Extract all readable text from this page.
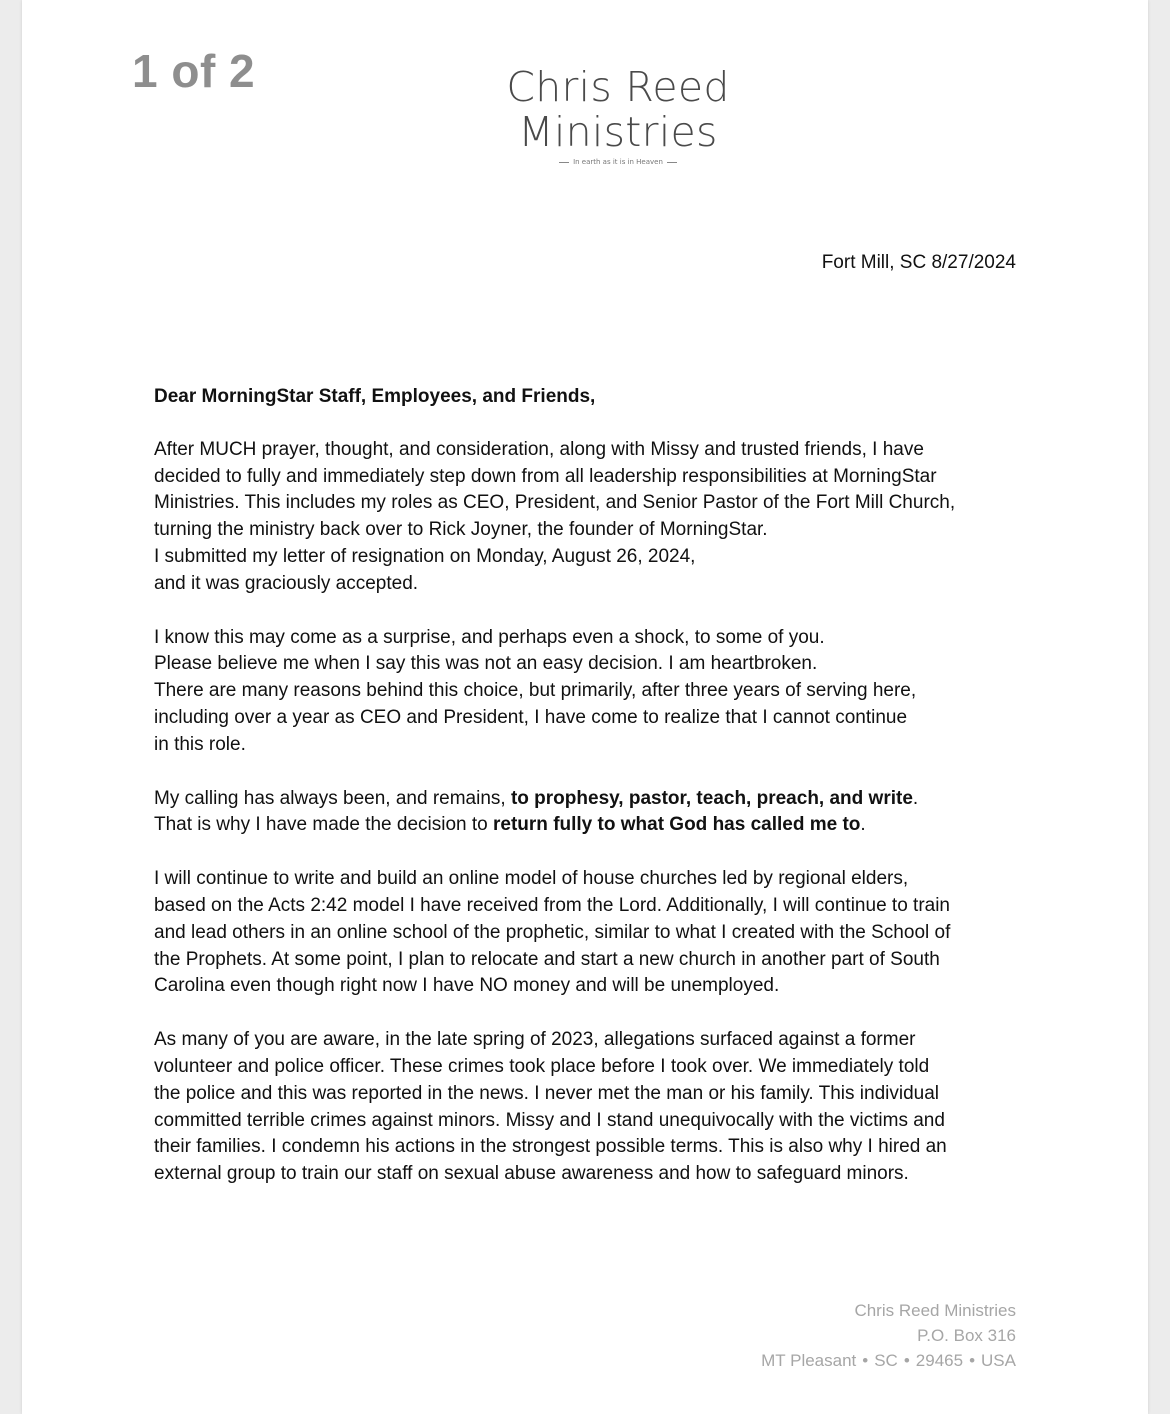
1 of 2	Chris Reed
Ministries
In earth as it is in Heaven
Fort Mill, SC 8/27/2024
Dear MorningStar Staff, Employees, and Friends,
After MUCH prayer, thought, and consideration, along with Missy and trusted friends, I have
decided to fully and immediately step down from all leadership responsibilities at MorningStar
Ministries. This includes my roles as CEO, President, and Senior Pastor of the Fort Mill Church,
turning the ministry back over to Rick Joyner, the founder of MorningStar.
I submitted my letter of resignation on Monday, August 26, 2024,
and it was graciously accepted.
I know this may come as a surprise, and perhaps even a shock, to some of you.
Please believe me when I say this was not an easy decision. I am heartbroken.
There are many reasons behind this choice, but primarily, after three years of serving here,
including over a year as CEO and President, I have come to realize that I cannot continue
in this role.
My calling has always been, and remains, to prophesy, pastor, teach, preach, and write.
That is why I have made the decision to return fully to what God has called me to.
I will continue to write and build an online model of house churches led by regional elders,
based on the Acts 2:42 model I have received from the Lord. Additionally, I will continue to train
and lead others in an online school of the prophetic, similar to what I created with the School of
the Prophets. At some point, I plan to relocate and start a new church in another part of South
Carolina even though right now I have NO money and will be unemployed.
As many of you are aware, in the late spring of 2023, allegations surfaced against a former
volunteer and police officer. These crimes took place before I took over. We immediately told
the police and this was reported in the news. I never met the man or his family. This individual
committed terrible crimes against minors. Missy and I stand unequivocally with the victims and
their families. I condemn his actions in the strongest possible terms. This is also why I hired an
external group to train our staff on sexual abuse awareness and how to safeguard minors.
Chris Reed Ministries
P.O. Box 316
MT Pleasant • SC • 29465 • USA
